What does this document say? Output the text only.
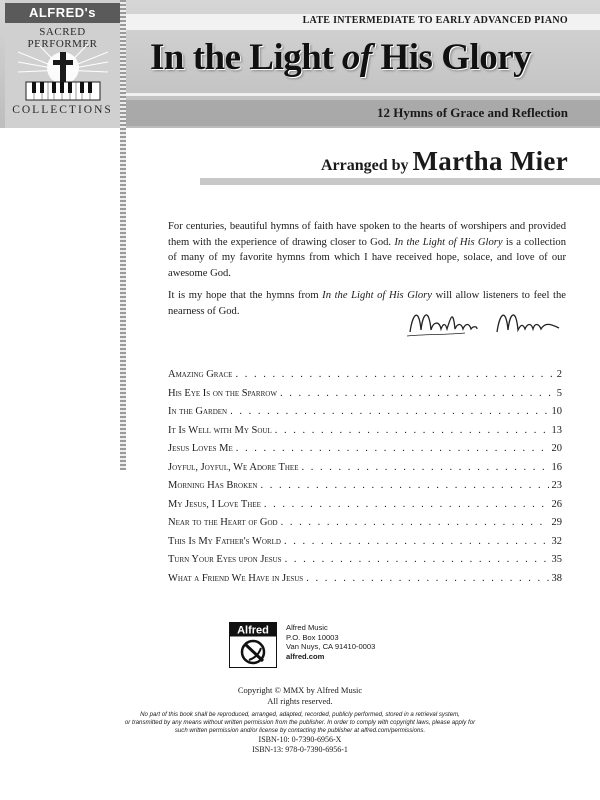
LATE INTERMEDIATE TO EARLY ADVANCED PIANO
In the Light of His Glory
12 Hymns of Grace and Reflection
ALFRED's
SACRED PERFORMER
COLLECTIONS
Arranged by Martha Mier

For centuries, beautiful hymns of faith have spoken to the hearts of worshipers and provided them with the experience of drawing closer to God. In the Light of His Glory is a collection of many of my favorite hymns from which I have received hope, solace, and love of our awesome God.

It is my hope that the hymns from In the Light of His Glory will allow listeners to feel the nearness of God.

Amazing Grace . . .	2
His Eye Is on the Sparrow . . .	5
In the Garden . . .	10
It Is Well with My Soul . . .	13
Jesus Loves Me . . .	20
Joyful, Joyful, We Adore Thee . . .	16
Morning Has Broken . . .	23
My Jesus, I Love Thee . . .	26
Near to the Heart of God . . .	29
This Is My Father's World . . .	32
Turn Your Eyes upon Jesus . . .	35
What a Friend We Have in Jesus . . .	38
Alfred Alfred Music
P.O. Box 10003
Van Nuys, CA 91410-0003
alfred.com
Copyright © MMX by Alfred Music
All rights reserved.
No part of this book shall be reproduced, arranged, adapted, recorded, publicly performed, stored in a retrieval system,
or transmitted by any means without written permission from the publisher. In order to comply with copyright laws, please apply for
such written permission and/or license by contacting the publisher at alfred.com/permissions.
ISBN-10: 0-7390-6956-X
ISBN-13: 978-0-7390-6956-1
